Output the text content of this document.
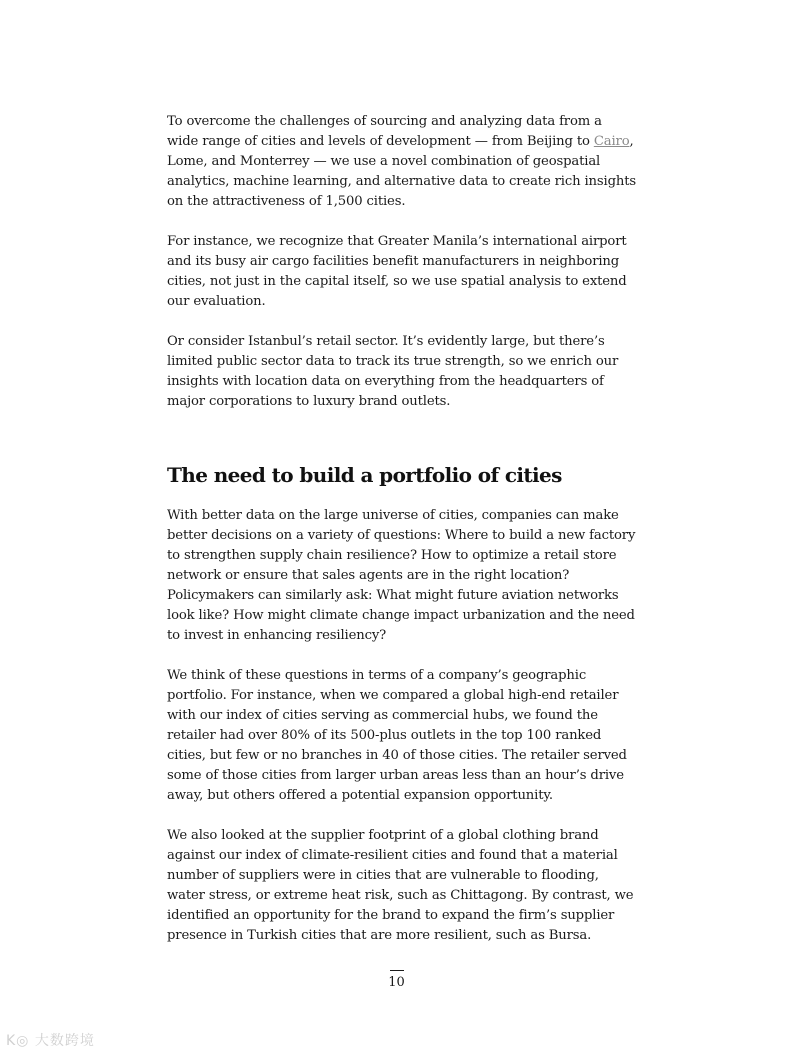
To overcome the challenges of sourcing and analyzing data from a wide range of cities and levels of development — from Beijing to Cairo, Lome, and Monterrey — we use a novel combination of geospatial analytics, machine learning, and alternative data to create rich insights on the attractiveness of 1,500 cities.

For instance, we recognize that Greater Manila’s international airport and its busy air cargo facilities benefit manufacturers in neighboring cities, not just in the capital itself, so we use spatial analysis to extend our evaluation.

Or consider Istanbul’s retail sector. It’s evidently large, but there’s limited public sector data to track its true strength, so we enrich our insights with location data on everything from the headquarters of major corporations to luxury brand outlets.

The need to build a portfolio of cities

With better data on the large universe of cities, companies can make better decisions on a variety of questions: Where to build a new factory to strengthen supply chain resilience? How to optimize a retail store network or ensure that sales agents are in the right location? Policymakers can similarly ask: What might future aviation networks look like? How might climate change impact urbanization and the need to invest in enhancing resiliency?

We think of these questions in terms of a company’s geographic portfolio. For instance, when we compared a global high-end retailer with our index of cities serving as commercial hubs, we found the retailer had over 80% of its 500-plus outlets in the top 100 ranked cities, but few or no branches in 40 of those cities. The retailer served some of those cities from larger urban areas less than an hour’s drive away, but others offered a potential expansion opportunity.

We also looked at the supplier footprint of a global clothing brand against our index of climate-resilient cities and found that a material number of suppliers were in cities that are vulnerable to flooding, water stress, or extreme heat risk, such as Chittagong. By contrast, we identified an opportunity for the brand to expand the firm’s supplier presence in Turkish cities that are more resilient, such as Bursa.

10
K◎ 大数跨境
